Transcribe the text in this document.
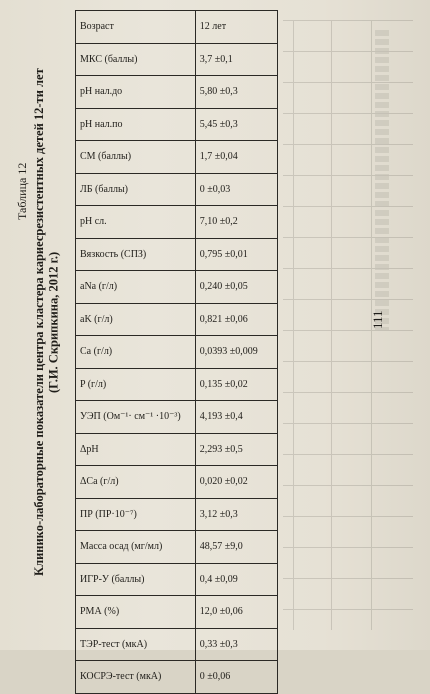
Таблица 12 Клинико-лабораторные показатели центра кластера кариесрезистентных детей 12-ти лет (Г.И. Скрипкина, 2012 г.)
Возраст	12 лет
МКС (баллы)	3,7 ±0,1
pH нал.до	5,80 ±0,3
pH нал.по	5,45 ±0,3
СМ (баллы)	1,7 ±0,04
ЛБ (баллы)	0 ±0,03
pH сл.	7,10 ±0,2
Вязкость (СПЗ)	0,795 ±0,01
aNa (г/л)	0,240 ±0,05
aK (г/л)	0,821 ±0,06
Ca (г/л)	0,0393 ±0,009
P (г/л)	0,135 ±0,02
УЭП (Ом⁻¹· см⁻¹ ·10⁻³)	4,193 ±0,4
ΔpH	2,293 ±0,5
ΔCa (г/л)	0,020 ±0,02
ПР (ПР·10⁻⁷)	3,12 ±0,3
Масса осад (мг/мл)	48,57 ±9,0
ИГР-У (баллы)	0,4 ±0,09
РМА (%)	12,0 ±0,06
ТЭР-тест (мкА)	0,33 ±0,3
КОСРЭ-тест (мкА)	0 ±0,06
111
